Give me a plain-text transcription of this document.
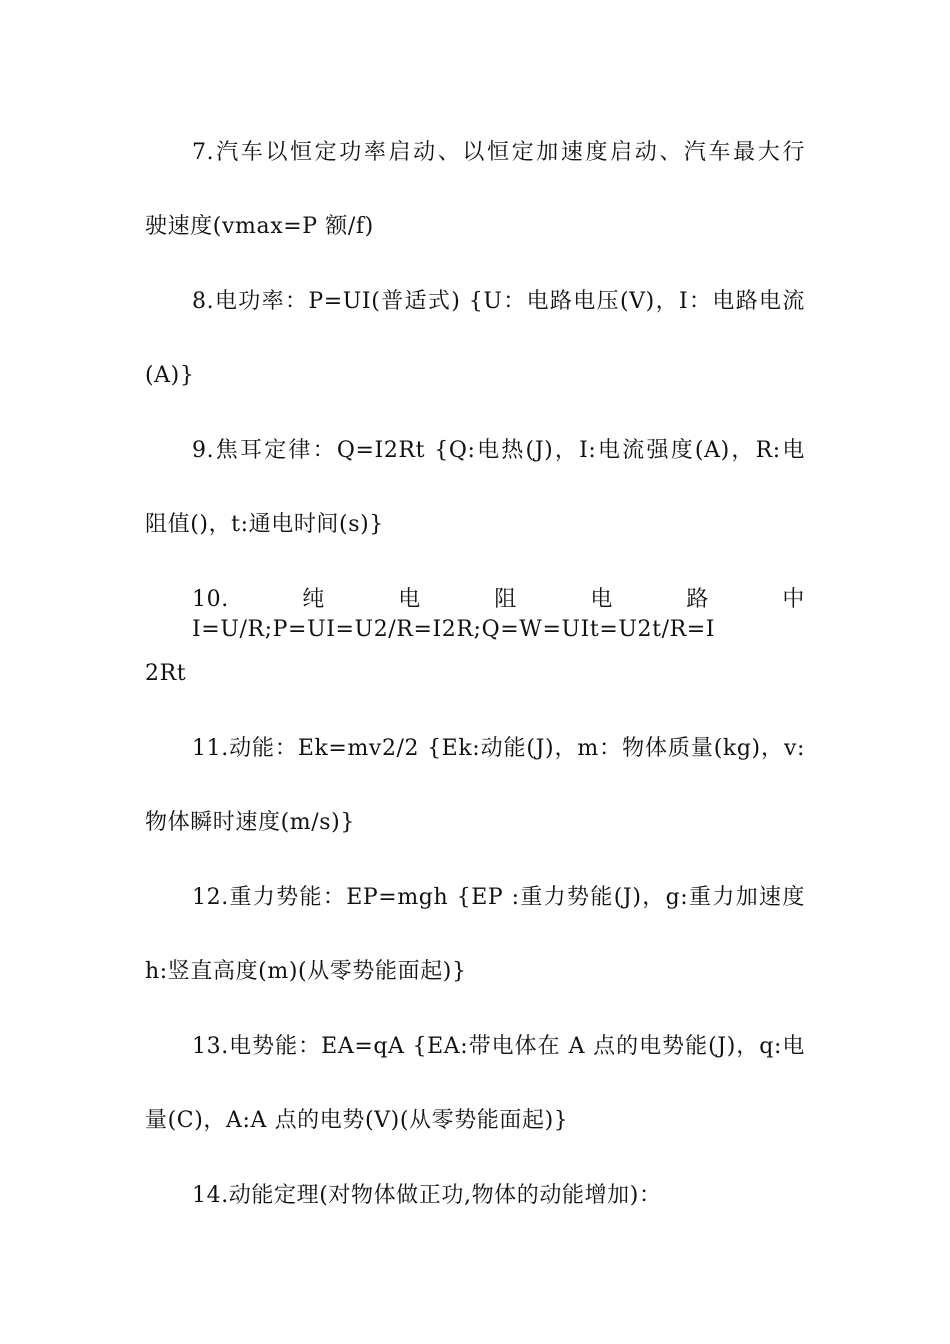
7.汽车以恒定功率启动、以恒定加速度启动、汽车最大行
驶速度(vmax=P 额/f)
8.电功率：P=UI(普适式) {U：电路电压(V)，I：电路电流
(A)}
9.焦耳定律：Q=I2Rt {Q:电热(J)，I:电流强度(A)，R:电
阻值()，t:通电时间(s)}
10.纯电阻电路中 I=U/R;P=UI=U2/R=I2R;Q=W=UIt=U2t/R=I
2Rt
11.动能：Ek=mv2/2 {Ek:动能(J)，m：物体质量(kg)，v:
物体瞬时速度(m/s)}
12.重力势能：EP=mgh {EP :重力势能(J)，g:重力加速度
h:竖直高度(m)(从零势能面起)}
13.电势能：EA=qA {EA:带电体在 A 点的电势能(J)，q:电
量(C)，A:A 点的电势(V)(从零势能面起)}
14.动能定理(对物体做正功,物体的动能增加)：
